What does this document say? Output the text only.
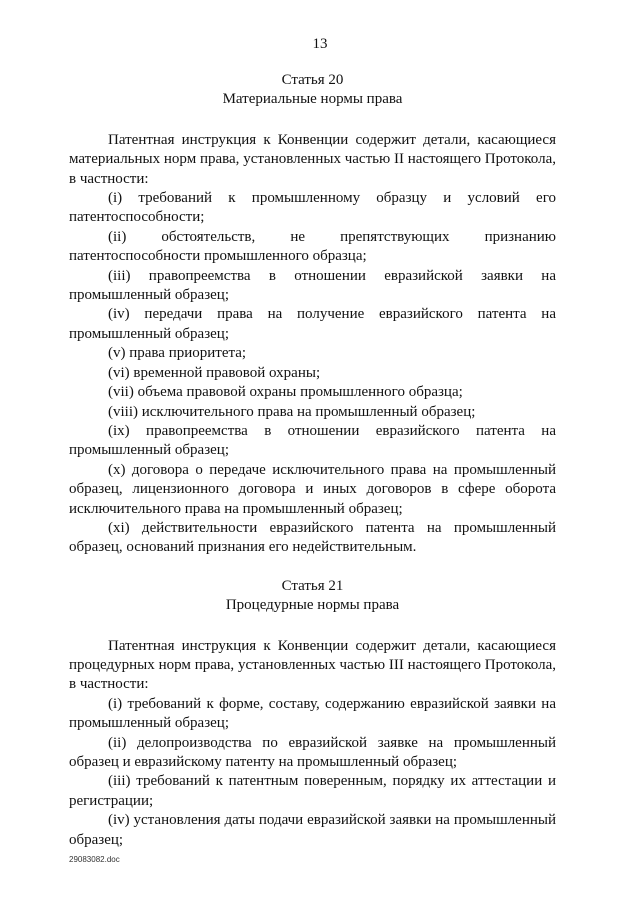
13

Статья 20

Материальные нормы права

Патентная инструкция к Конвенции содержит детали, касающиеся материальных норм права, установленных частью II настоящего Протокола, в частности:

(i) требований к промышленному образцу и условий его патентоспособности;

(ii) обстоятельств, не препятствующих признанию патентоспособности промышленного образца;

(iii) правопреемства в отношении евразийской заявки на промышленный образец;

(iv) передачи права на получение евразийского патента на промышленный образец;

(v) права приоритета;

(vi) временной правовой охраны;

(vii) объема правовой охраны промышленного образца;

(viii) исключительного права на промышленный образец;

(ix) правопреемства в отношении евразийского патента на промышленный образец;

(x) договора о передаче исключительного права на промышленный образец, лицензионного договора и иных договоров в сфере оборота исключительного права на промышленный образец;

(xi) действительности евразийского патента на промышленный образец, оснований признания его недействительным.

Статья 21

Процедурные нормы права

Патентная инструкция к Конвенции содержит детали, касающиеся процедурных норм права, установленных частью III настоящего Протокола, в частности:

(i) требований к форме, составу, содержанию евразийской заявки на промышленный образец;

(ii) делопроизводства по евразийской заявке на промышленный образец и евразийскому патенту на промышленный образец;

(iii) требований к патентным поверенным, порядку их аттестации и регистрации;

(iv) установления даты подачи евразийской заявки на промышленный образец;

29083082.doc
